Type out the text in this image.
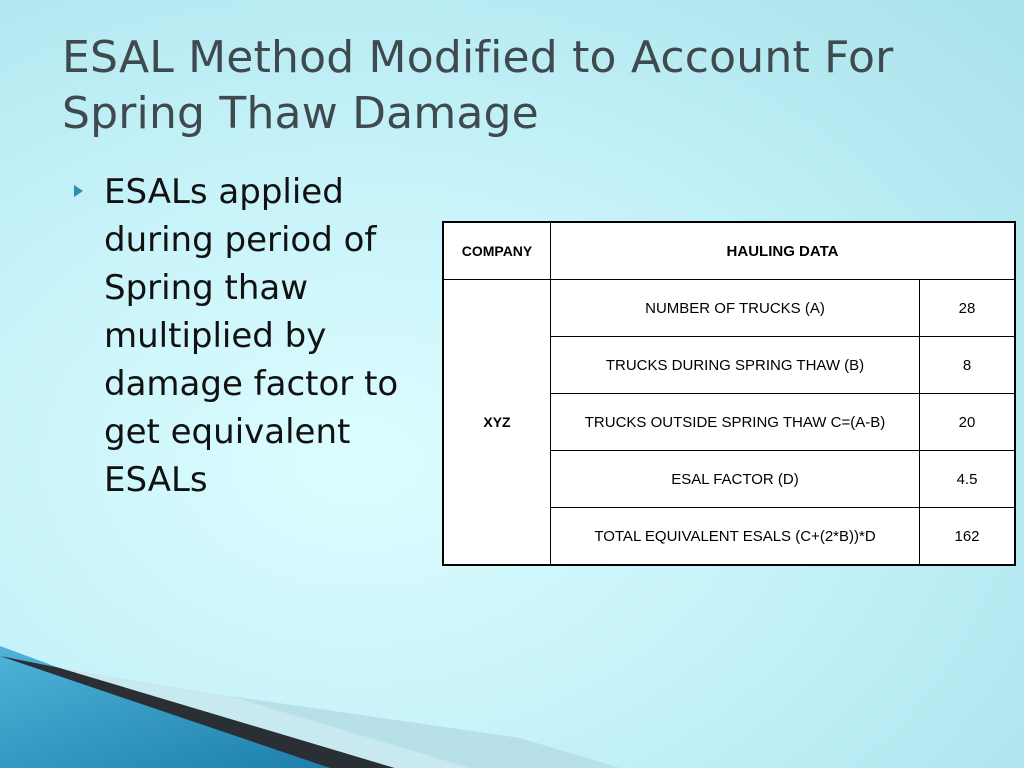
ESAL Method Modified to Account For Spring Thaw Damage
ESALs applied during period of Spring thaw multiplied by damage factor to get equivalent ESALs
COMPANY	HAULING DATA	
XYZ	NUMBER OF TRUCKS (A)	28
	TRUCKS DURING SPRING THAW (B)	8
	TRUCKS OUTSIDE SPRING THAW C=(A-B)	20
	ESAL FACTOR (D)	4.5
	TOTAL EQUIVALENT ESALS (C+(2*B))*D	162
